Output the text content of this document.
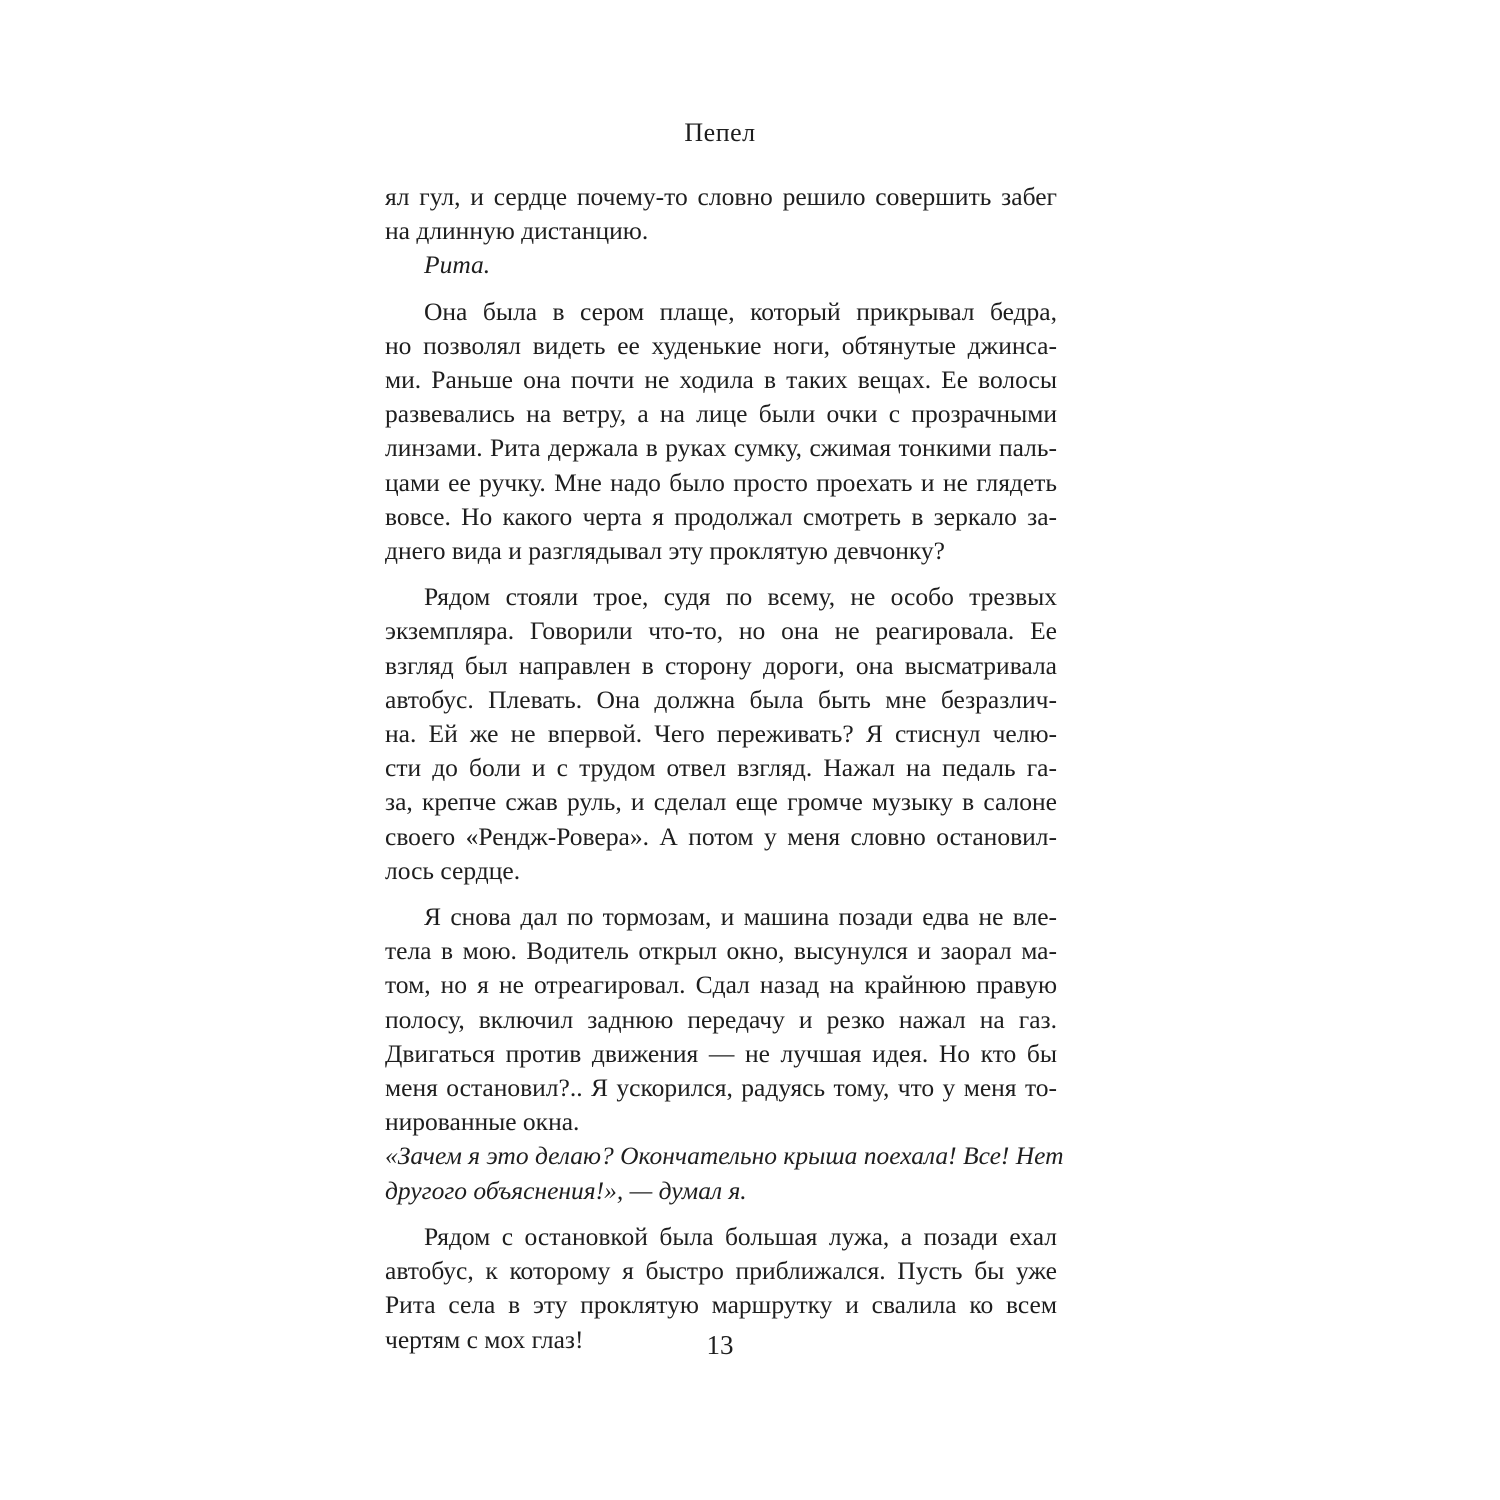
Пепел
ял гул, и сердце почему-то словно решило совершить забег
на длинную дистанцию.
Рита.
Она была в сером плаще, который прикрывал бедра,
но позволял видеть ее худенькие ноги, обтянутые джинса-
ми. Раньше она почти не ходила в таких вещах. Ее волосы
развевались на ветру, а на лице были очки с прозрачными
линзами. Рита держала в руках сумку, сжимая тонкими паль-
цами ее ручку. Мне надо было просто проехать и не глядеть
вовсе. Но какого черта я продолжал смотреть в зеркало за-
днего вида и разглядывал эту проклятую девчонку?
Рядом стояли трое, судя по всему, не особо трезвых
экземпляра. Говорили что-то, но она не реагировала. Ее
взгляд был направлен в сторону дороги, она высматривала
автобус. Плевать. Она должна была быть мне безразлич-
на. Ей же не впервой. Чего переживать? Я стиснул челю-
сти до боли и с трудом отвел взгляд. Нажал на педаль га-
за, крепче сжав руль, и сделал еще громче музыку в салоне
своего «Рендж-Ровера». А потом у меня словно остановил-
лось сердце.
Я снова дал по тормозам, и машина позади едва не вле-
тела в мою. Водитель открыл окно, высунулся и заорал ма-
том, но я не отреагировал. Сдал назад на крайнюю правую
полосу, включил заднюю передачу и резко нажал на газ.
Двигаться против движения — не лучшая идея. Но кто бы
меня остановил?.. Я ускорился, радуясь тому, что у меня то-
нированные окна.
«Зачем я это делаю? Окончательно крыша поехала! Все! Нет
другого объяснения!», — думал я.
Рядом с остановкой была большая лужа, а позади ехал
автобус, к которому я быстро приближался. Пусть бы уже
Рита села в эту проклятую маршрутку и свалила ко всем
чертям с мох глаз!	13
